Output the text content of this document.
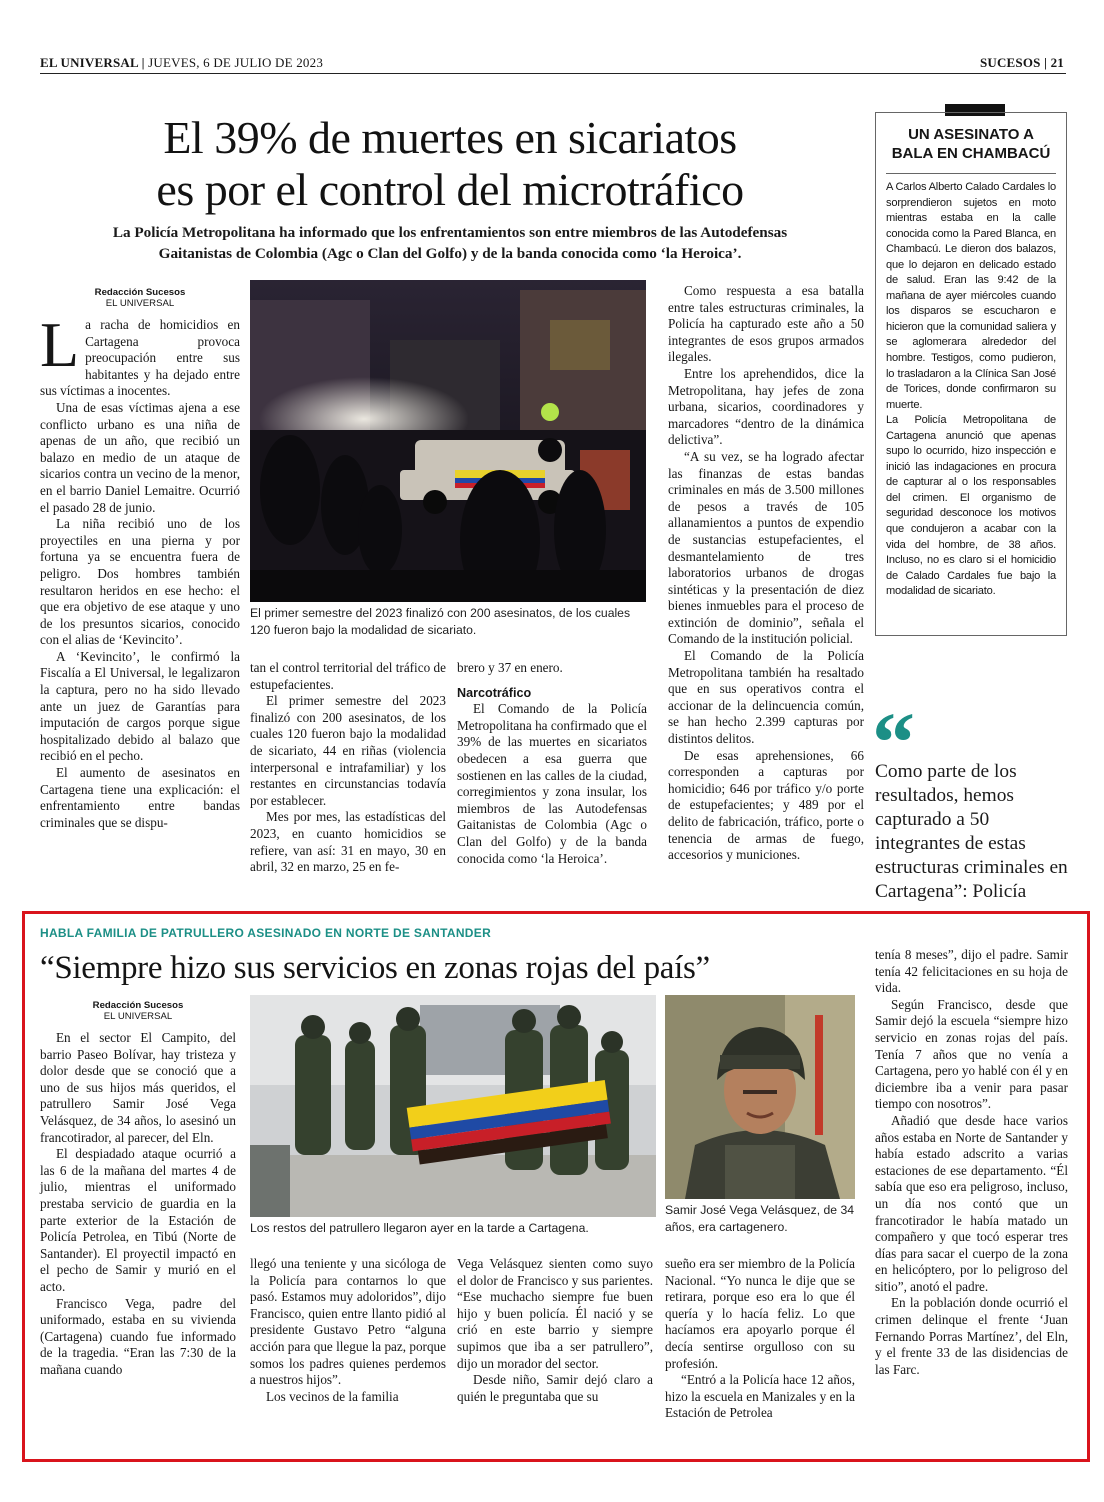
EL UNIVERSAL | JUEVES, 6 DE JULIO DE 2023	SUCESOS | 21
El 39% de muertes en sicariatos
es por el control del microtráfico
La Policía Metropolitana ha informado que los enfrentamientos son entre miembros de las Autodefensas
Gaitanistas de Colombia (Agc o Clan del Golfo) y de la banda conocida como ‘la Heroica’.
Redacción Sucesos
EL UNIVERSAL

La racha de homicidios en Cartagena provoca preocupación entre sus habitantes y ha dejado entre sus víctimas a inocentes.

Una de esas víctimas ajena a ese conflicto urbano es una niña de apenas de un año, que recibió un balazo en medio de un ataque de sicarios contra un vecino de la menor, en el barrio Daniel Lemaitre. Ocurrió el pasado 28 de junio.

La niña recibió uno de los proyectiles en una pierna y por fortuna ya se encuentra fuera de peligro. Dos hombres también resultaron heridos en ese hecho: el que era objetivo de ese ataque y uno de los presuntos sicarios, conocido con el alias de ‘Kevincito’.

A ‘Kevincito’, le confirmó la Fiscalía a El Universal, le legalizaron la captura, pero no ha sido llevado ante un juez de Garantías para imputación de cargos porque sigue hospitalizado debido al balazo que recibió en el pecho.

El aumento de asesinatos en Cartagena tiene una explicación: el enfrentamiento entre bandas criminales que se dispu-

El primer semestre del 2023 finalizó con 200 asesinatos, de los cuales 120 fueron bajo la modalidad de sicariato.

tan el control territorial del tráfico de estupefacientes.

El primer semestre del 2023 finalizó con 200 asesinatos, de los cuales 120 fueron bajo la modalidad de sicariato, 44 en riñas (violencia interpersonal e intrafamiliar) y los restantes en circunstancias todavía por establecer.

Mes por mes, las estadísticas del 2023, en cuanto homicidios se refiere, van así: 31 en mayo, 30 en abril, 32 en marzo, 25 en fe-

brero y 37 en enero.

Narcotráfico

El Comando de la Policía Metropolitana ha confirmado que el 39% de las muertes en sicariatos obedecen a esa guerra que sostienen en las calles de la ciudad, corregimientos y zona insular, los miembros de las Autodefensas Gaitanistas de Colombia (Agc o Clan del Golfo) y de la banda conocida como ‘la Heroica’.

Como respuesta a esa batalla entre tales estructuras criminales, la Policía ha capturado este año a 50 integrantes de esos grupos armados ilegales.

Entre los aprehendidos, dice la Metropolitana, hay jefes de zona urbana, sicarios, coordinadores y marcadores “dentro de la dinámica delictiva”.

“A su vez, se ha logrado afectar las finanzas de estas bandas criminales en más de 3.500 millones de pesos a través de 105 allanamientos a puntos de expendio de sustancias estupefacientes, el desmantelamiento de tres laboratorios urbanos de drogas sintéticas y la presentación de diez bienes inmuebles para el proceso de extinción de dominio”, señala el Comando de la institución policial.

El Comando de la Policía Metropolitana también ha resaltado que en sus operativos contra el accionar de la delincuencia común, se han hecho 2.399 capturas por distintos delitos.

De esas aprehensiones, 66 corresponden a capturas por homicidio; 646 por tráfico y/o porte de estupefacientes; y 489 por el delito de fabricación, tráfico, porte o tenencia de armas de fuego, accesorios y municiones.

UN ASESINATO A
BALA EN CHAMBACÚ

A Carlos Alberto Calado Cardales lo sorprendieron sujetos en moto mientras estaba en la calle conocida como la Pared Blanca, en Chambacú. Le dieron dos balazos, que lo dejaron en delicado estado de salud. Eran las 9:42 de la mañana de ayer miércoles cuando los disparos se escucharon e hicieron que la comunidad saliera y se aglomerara alrededor del hombre. Testigos, como pudieron, lo trasladaron a la Clínica San José de Torices, donde confirmaron su muerte.

La Policía Metropolitana de Cartagena anunció que apenas supo lo ocurrido, hizo inspección e inició las indagaciones en procura de capturar al o los responsables del crimen. El organismo de seguridad desconoce los motivos que condujeron a acabar con la vida del hombre, de 38 años. Incluso, no es claro si el homicidio de Calado Cardales fue bajo la modalidad de sicariato.

“
Como parte de los resultados, hemos capturado a 50 integrantes de estas estructuras criminales en Cartagena”: Policía
HABLA FAMILIA DE PATRULLERO ASESINADO EN NORTE DE SANTANDER
“Siempre hizo sus servicios en zonas rojas del país”
Redacción Sucesos
EL UNIVERSAL

En el sector El Campito, del barrio Paseo Bolívar, hay tristeza y dolor desde que se conoció que a uno de sus hijos más queridos, el patrullero Samir José Vega Velásquez, de 34 años, lo asesinó un francotirador, al parecer, del Eln.

El despiadado ataque ocurrió a las 6 de la mañana del martes 4 de julio, mientras el uniformado prestaba servicio de guardia en la parte exterior de la Estación de Policía Petrolea, en Tibú (Norte de Santander). El proyectil impactó en el pecho de Samir y murió en el acto.

Francisco Vega, padre del uniformado, estaba en su vivienda (Cartagena) cuando fue informado de la tragedia. “Eran las 7:30 de la mañana cuando

Los restos del patrullero llegaron ayer en la tarde a Cartagena.
Samir José Vega Velásquez, de 34 años, era cartagenero.

llegó una teniente y una sicóloga de la Policía para contarnos lo que pasó. Estamos muy adoloridos”, dijo Francisco, quien entre llanto pidió al presidente Gustavo Petro “alguna acción para que llegue la paz, porque somos los padres quienes perdemos a nuestros hijos”.

Los vecinos de la familia

Vega Velásquez sienten como suyo el dolor de Francisco y sus parientes. “Ese muchacho siempre fue buen hijo y buen policía. Él nació y se crió en este barrio y siempre supimos que iba a ser patrullero”, dijo un morador del sector.

Desde niño, Samir dejó claro a quién le preguntaba que su

sueño era ser miembro de la Policía Nacional. “Yo nunca le dije que se retirara, porque eso era lo que él quería y lo hacía feliz. Lo que hacíamos era apoyarlo porque él decía sentirse orgulloso con su profesión.

“Entró a la Policía hace 12 años, hizo la escuela en Manizales y en la Estación de Petrolea

tenía 8 meses”, dijo el padre. Samir tenía 42 felicitaciones en su hoja de vida.

Según Francisco, desde que Samir dejó la escuela “siempre hizo servicio en zonas rojas del país. Tenía 7 años que no venía a Cartagena, pero yo hablé con él y en diciembre iba a venir para pasar tiempo con nosotros”.

Añadió que desde hace varios años estaba en Norte de Santander y había estado adscrito a varias estaciones de ese departamento. “Él sabía que eso era peligroso, incluso, un día nos contó que un francotirador le había matado un compañero y que tocó esperar tres días para sacar el cuerpo de la zona en helicóptero, por lo peligroso del sitio”, anotó el padre.

En la población donde ocurrió el crimen delinque el frente ‘Juan Fernando Porras Martínez’, del Eln, y el frente 33 de las disidencias de las Farc.
